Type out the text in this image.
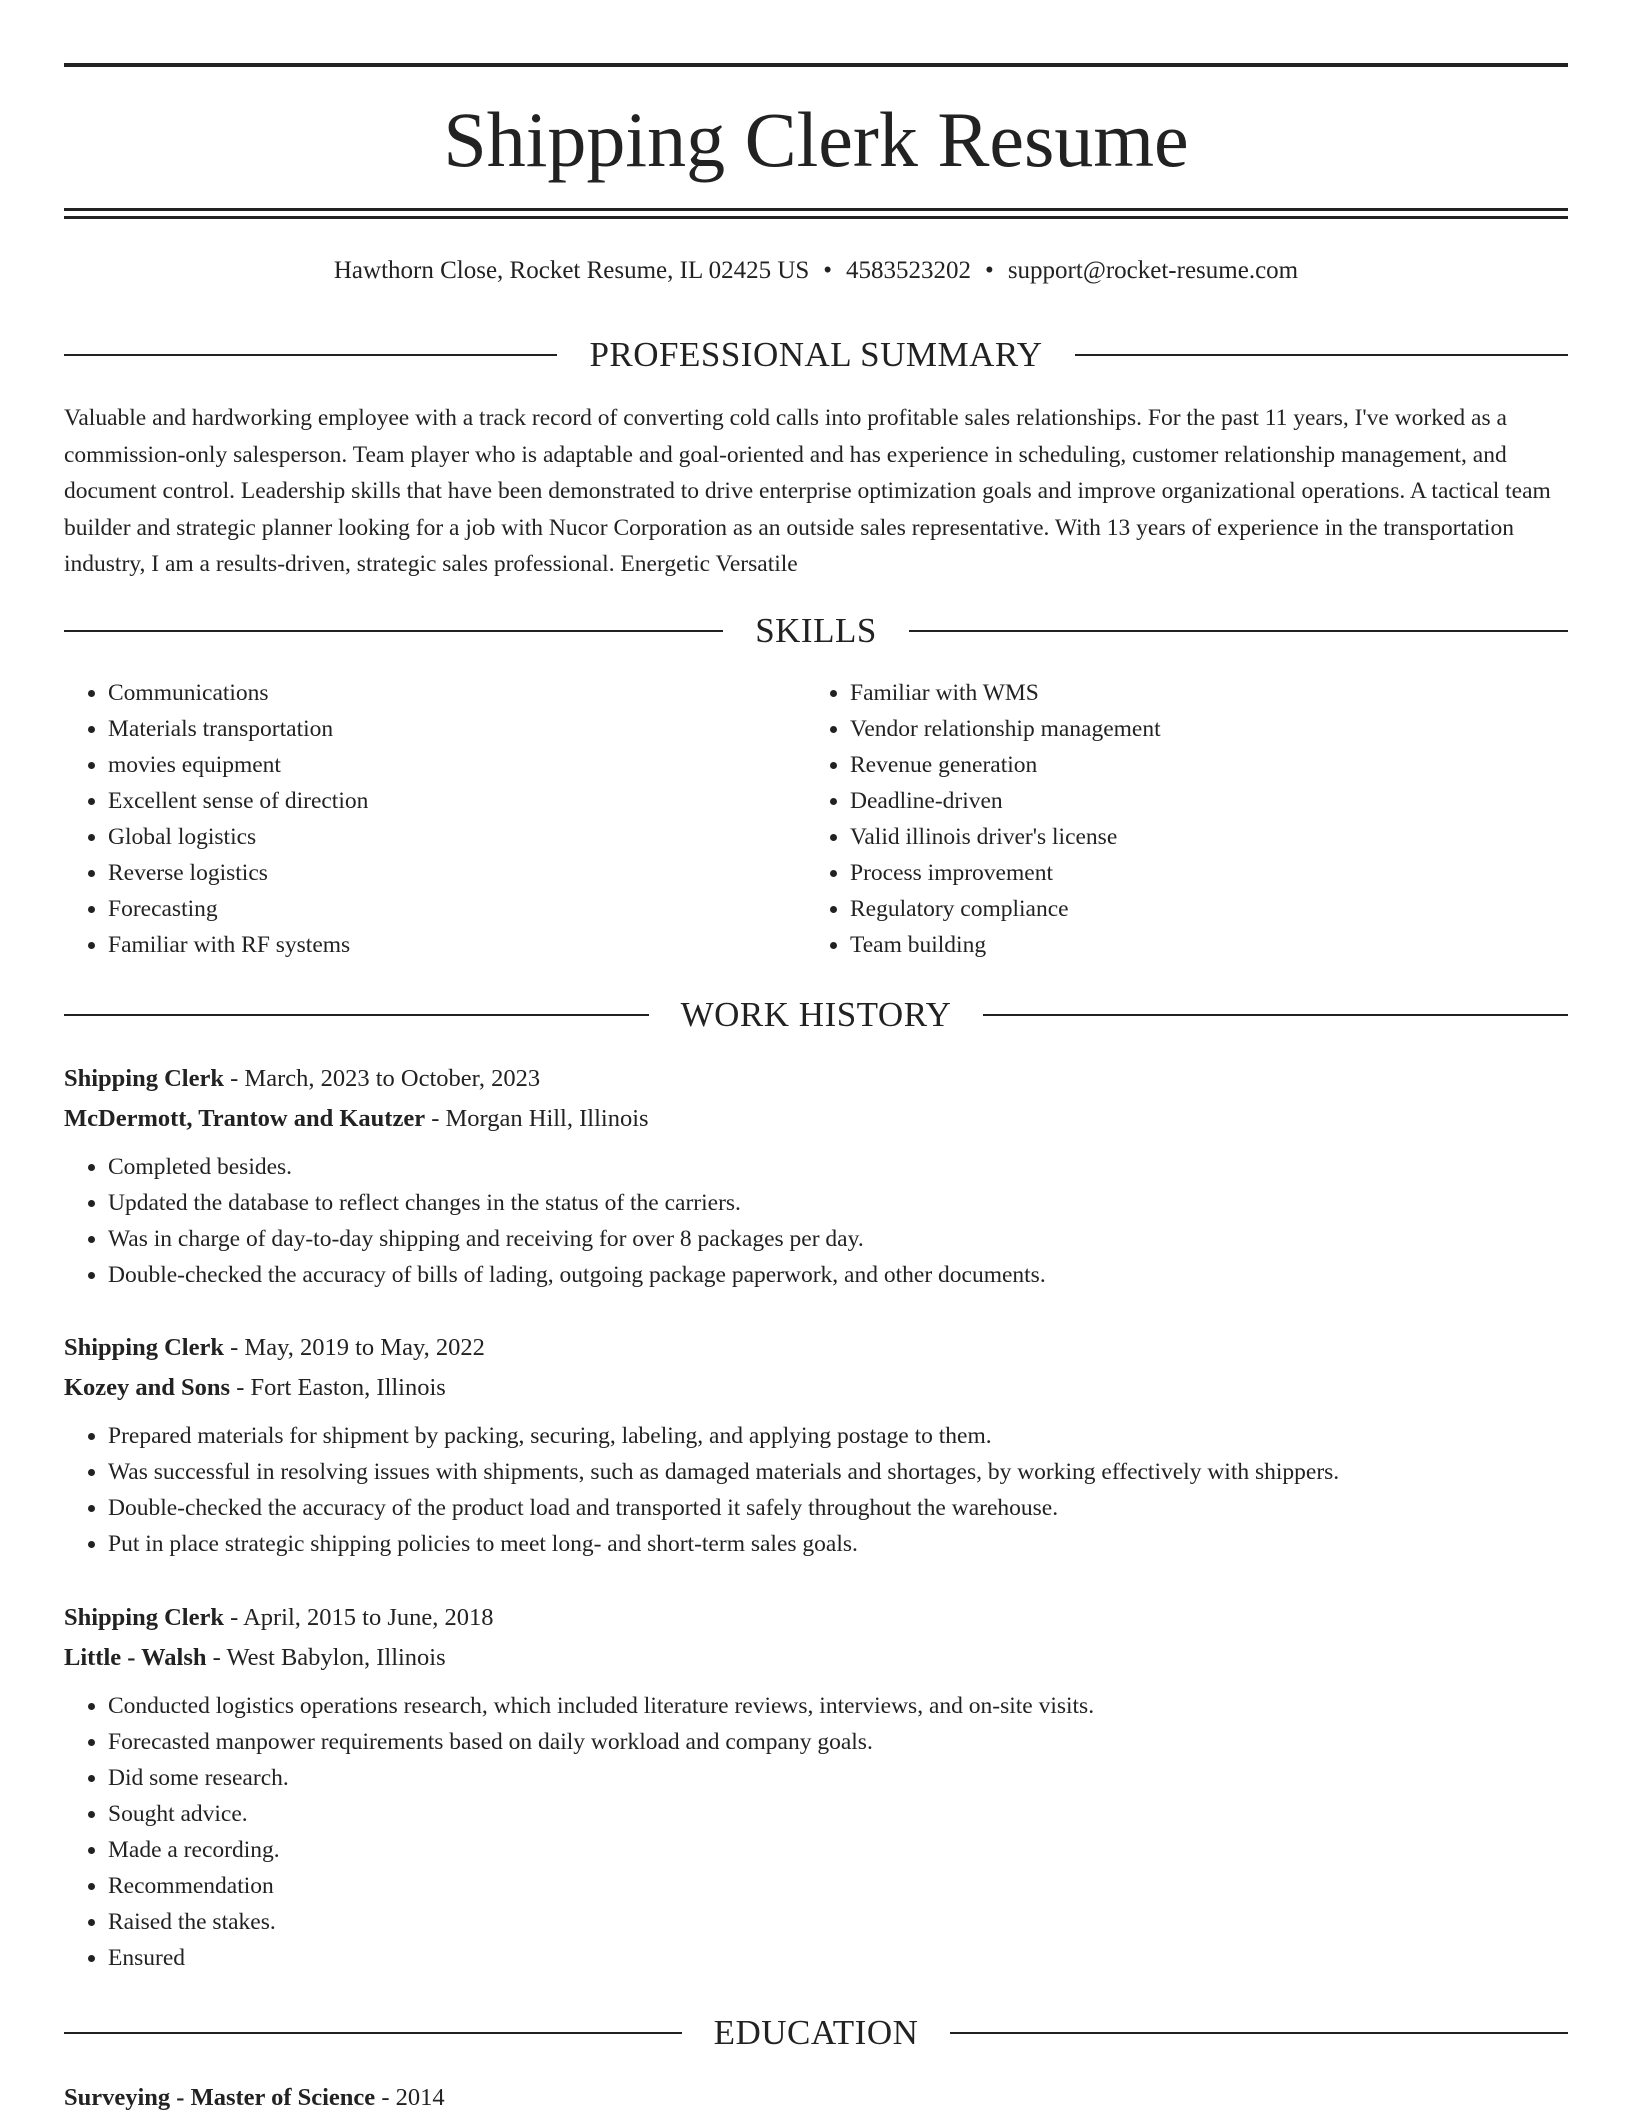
Shipping Clerk Resume
Hawthorn Close, Rocket Resume, IL 02425 US • 4583523202 • support@rocket-resume.com
PROFESSIONAL SUMMARY

Valuable and hardworking employee with a track record of converting cold calls into profitable sales relationships. For the past 11 years, I've worked as a commission-only salesperson. Team player who is adaptable and goal-oriented and has experience in scheduling, customer relationship management, and document control. Leadership skills that have been demonstrated to drive enterprise optimization goals and improve organizational operations. A tactical team builder and strategic planner looking for a job with Nucor Corporation as an outside sales representative. With 13 years of experience in the transportation industry, I am a results-driven, strategic sales professional. Energetic Versatile

SKILLS
• Communications
• Materials transportation
• movies equipment
• Excellent sense of direction
• Global logistics
• Reverse logistics
• Forecasting
• Familiar with RF systems
• Familiar with WMS
• Vendor relationship management
• Revenue generation
• Deadline-driven
• Valid illinois driver's license
• Process improvement
• Regulatory compliance
• Team building
WORK HISTORY
Shipping Clerk - March, 2023 to October, 2023
McDermott, Trantow and Kautzer - Morgan Hill, Illinois
• Completed besides.
• Updated the database to reflect changes in the status of the carriers.
• Was in charge of day-to-day shipping and receiving for over 8 packages per day.
• Double-checked the accuracy of bills of lading, outgoing package paperwork, and other documents.
Shipping Clerk - May, 2019 to May, 2022
Kozey and Sons - Fort Easton, Illinois
• Prepared materials for shipment by packing, securing, labeling, and applying postage to them.
• Was successful in resolving issues with shipments, such as damaged materials and shortages, by working effectively with shippers.
• Double-checked the accuracy of the product load and transported it safely throughout the warehouse.
• Put in place strategic shipping policies to meet long- and short-term sales goals.
Shipping Clerk - April, 2015 to June, 2018
Little - Walsh - West Babylon, Illinois
• Conducted logistics operations research, which included literature reviews, interviews, and on-site visits.
• Forecasted manpower requirements based on daily workload and company goals.
• Did some research.
• Sought advice.
• Made a recording.
• Recommendation
• Raised the stakes.
• Ensured
EDUCATION
Surveying - Master of Science - 2014
